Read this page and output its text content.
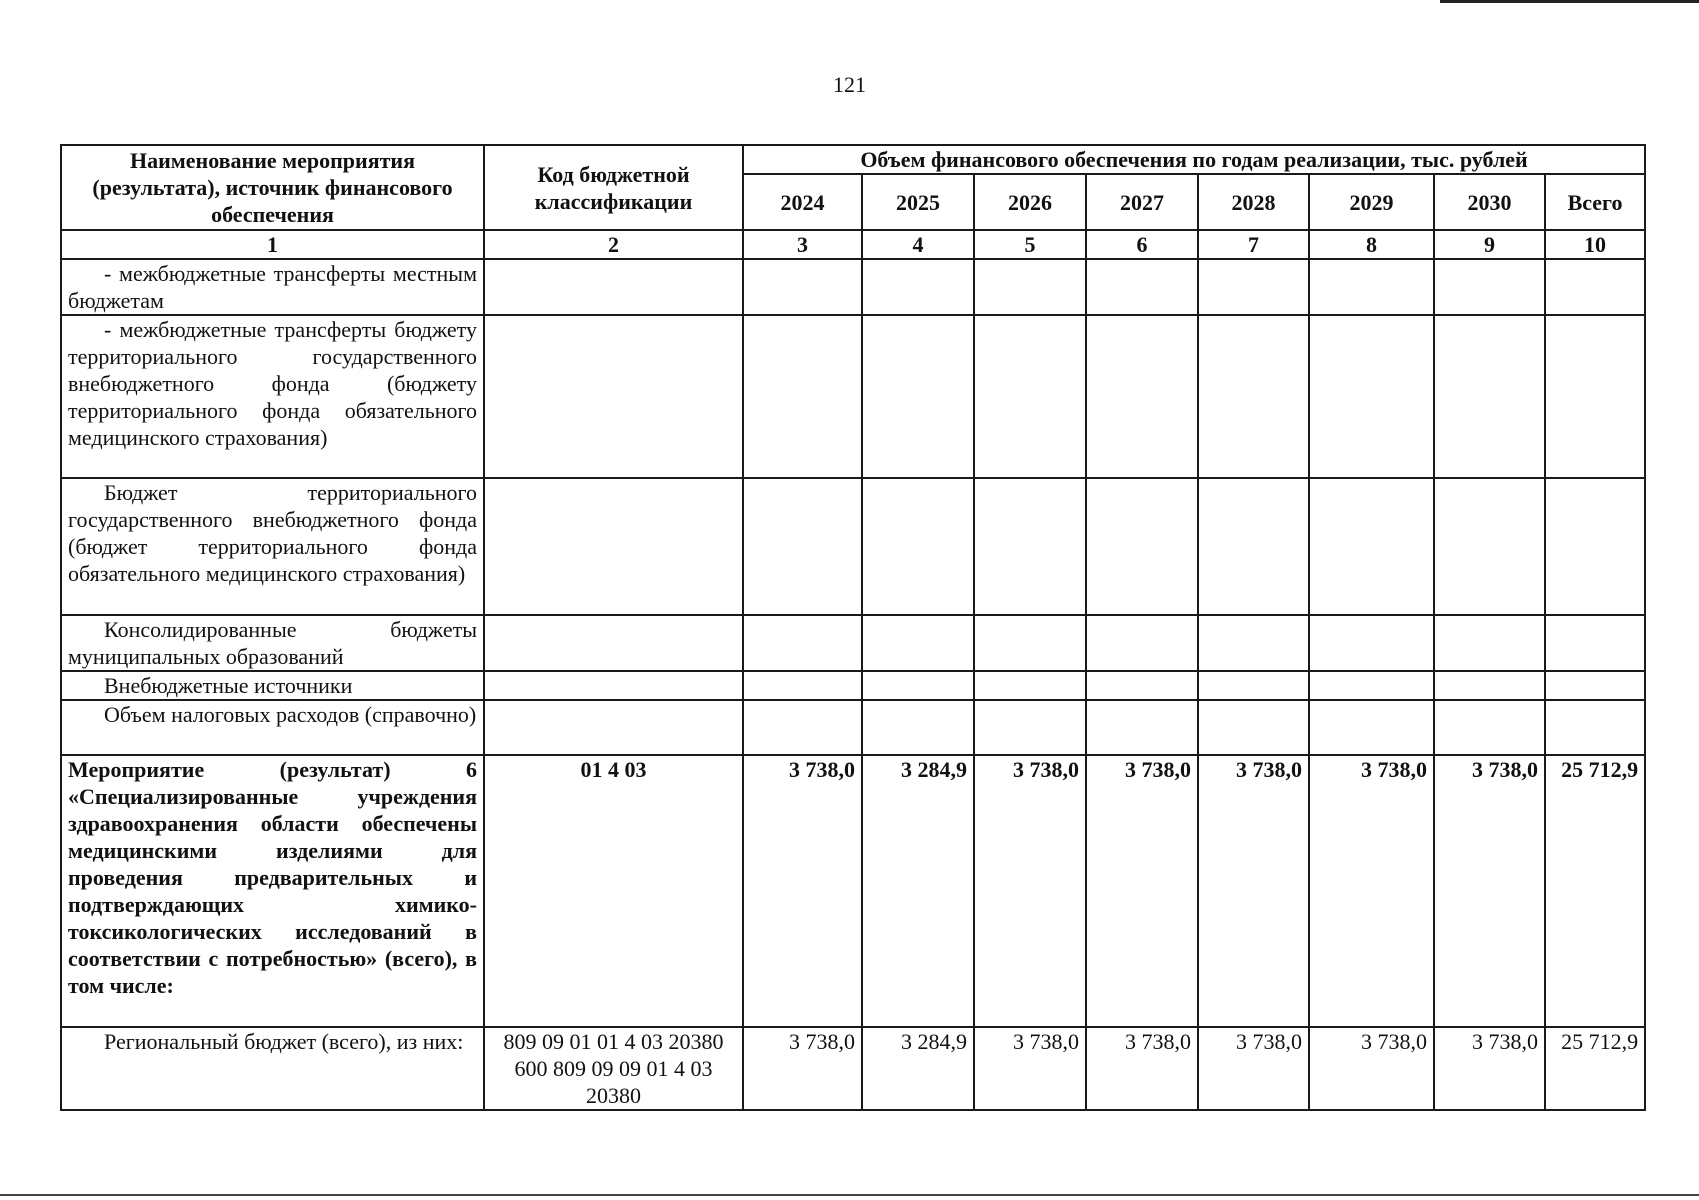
121
Наименование мероприятия (результата), источник финансового обеспечения	Код бюджетной классификации	Объем финансового обеспечения по годам реализации, тыс. рублей							
		2024	2025	2026	2027	2028	2029	2030	Всего
1	2	3	4	5	6	7	8	9	10
- межбюджетные трансферты местным бюджетам									
- межбюджетные трансферты бюджету территориального государственного внебюджетного фонда (бюджету территориального фонда обязательного медицинского страхования)									
Бюджет территориального государственного внебюджетного фонда (бюджет территориального фонда обязательного медицинского страхования)									
Консолидированные бюджеты муниципальных образований									
Внебюджетные источники									
Объем налоговых расходов (справочно)									
Мероприятие (результат) 6 «Специализированные учреждения здравоохранения области обеспечены медицинскими изделиями для проведения предварительных и подтверждающих химико-токсикологических исследований в соответствии с потребностью» (всего), в том числе:	01 4 03	3 738,0	3 284,9	3 738,0	3 738,0	3 738,0	3 738,0	3 738,0	25 712,9
Региональный бюджет (всего), из них:	809 09 01 01 4 03 20380 600 809 09 09 01 4 03 20380	3 738,0	3 284,9	3 738,0	3 738,0	3 738,0	3 738,0	3 738,0	25 712,9
